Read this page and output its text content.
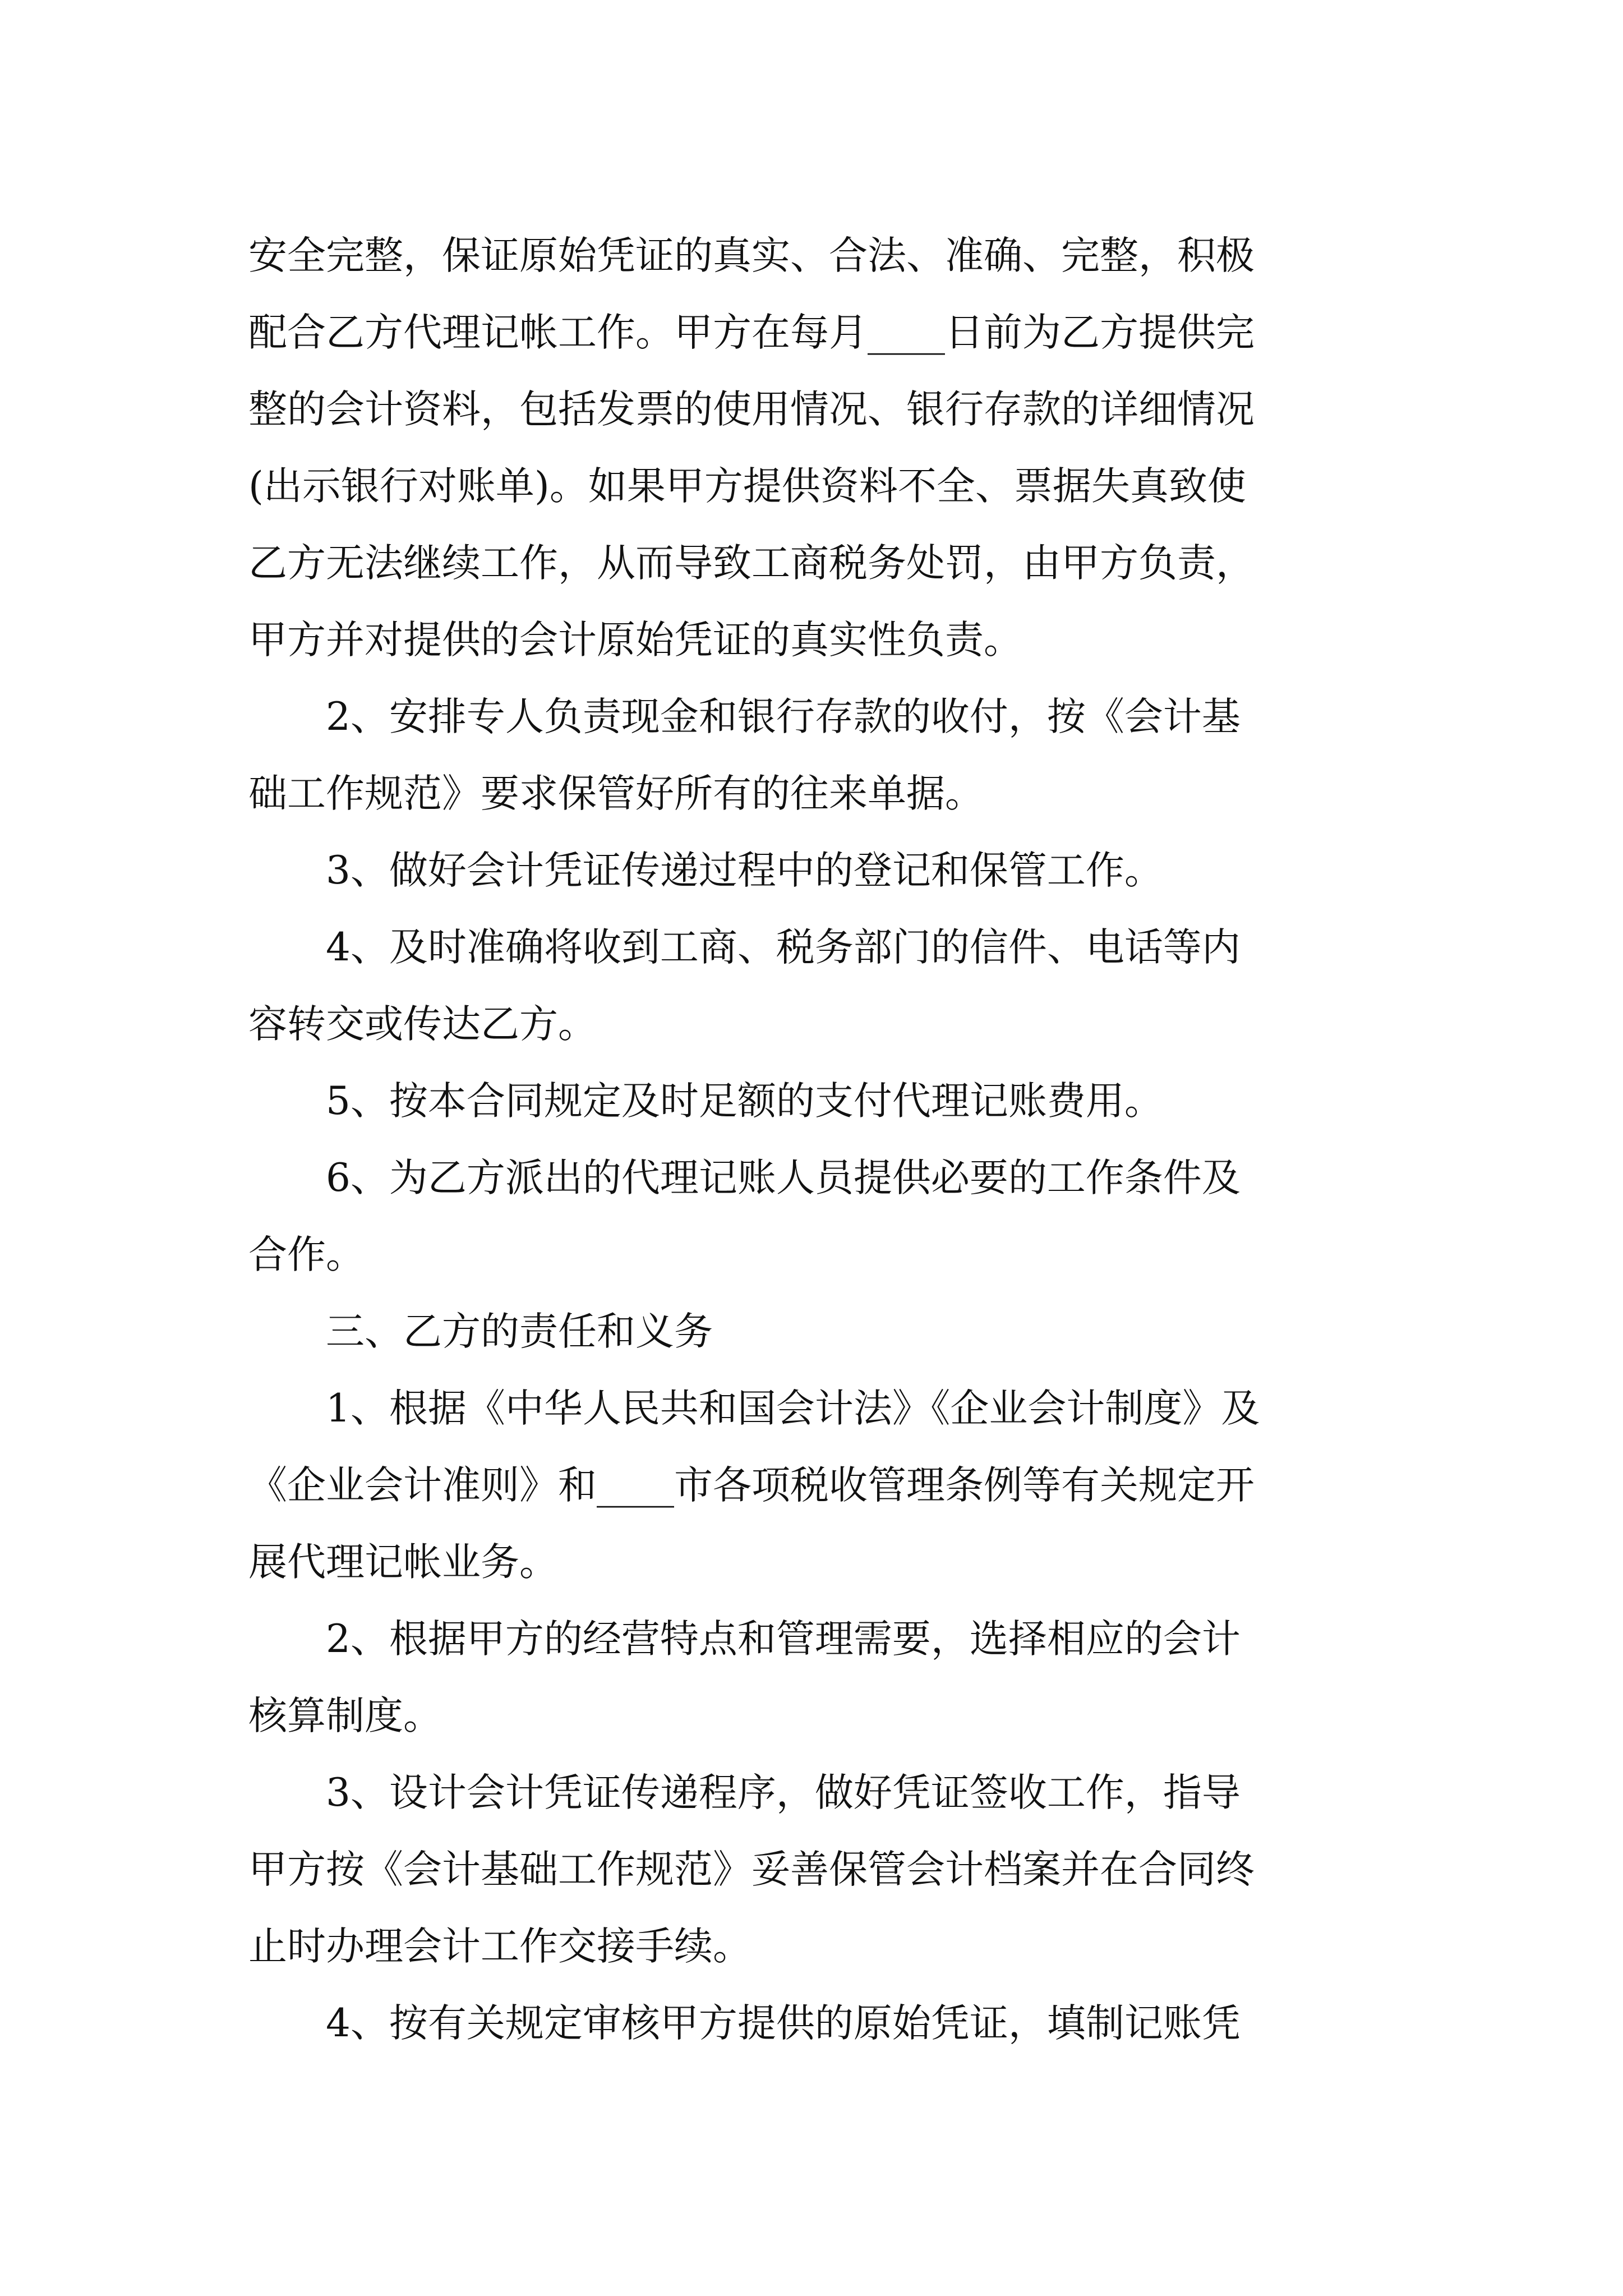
安全完整，保证原始凭证的真实、合法、准确、完整，积极
配合乙方代理记帐工作。甲方在每月____日前为乙方提供完
整的会计资料，包括发票的使用情况、银行存款的详细情况
(出示银行对账单)。如果甲方提供资料不全、票据失真致使
乙方无法继续工作，从而导致工商税务处罚，由甲方负责，
甲方并对提供的会计原始凭证的真实性负责。
2、安排专人负责现金和银行存款的收付，按《会计基
础工作规范》要求保管好所有的往来单据。
3、做好会计凭证传递过程中的登记和保管工作。
4、及时准确将收到工商、税务部门的信件、电话等内
容转交或传达乙方。
5、按本合同规定及时足额的支付代理记账费用。
6、为乙方派出的代理记账人员提供必要的工作条件及
合作。
三、乙方的责任和义务
1、根据《中华人民共和国会计法》《企业会计制度》及
《企业会计准则》和____市各项税收管理条例等有关规定开
展代理记帐业务。
2、根据甲方的经营特点和管理需要，选择相应的会计
核算制度。
3、设计会计凭证传递程序，做好凭证签收工作，指导
甲方按《会计基础工作规范》妥善保管会计档案并在合同终
止时办理会计工作交接手续。
4、按有关规定审核甲方提供的原始凭证，填制记账凭
